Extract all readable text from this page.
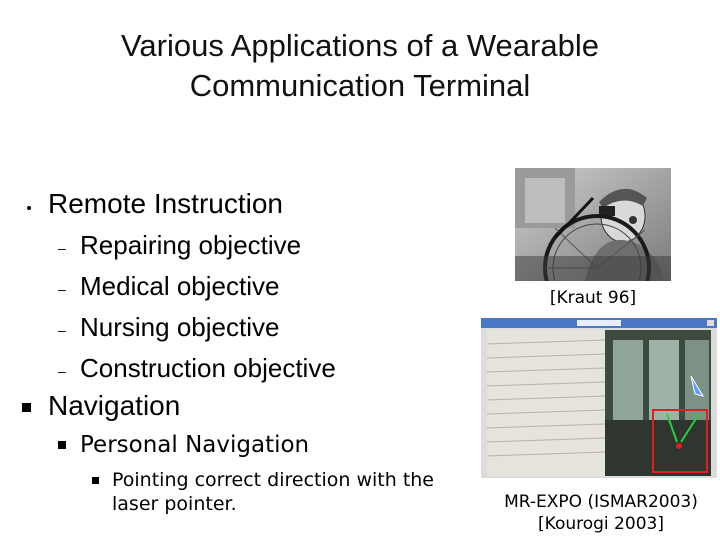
Various Applications of a Wearable
Communication Terminal
Remote Instruction
– Repairing objective
– Medical objective
– Nursing objective
– Construction objective
Navigation
Personal Navigation
Pointing correct direction with the
laser pointer.
[Kraut 96]
MR-EXPO (ISMAR2003)
[Kourogi 2003]
